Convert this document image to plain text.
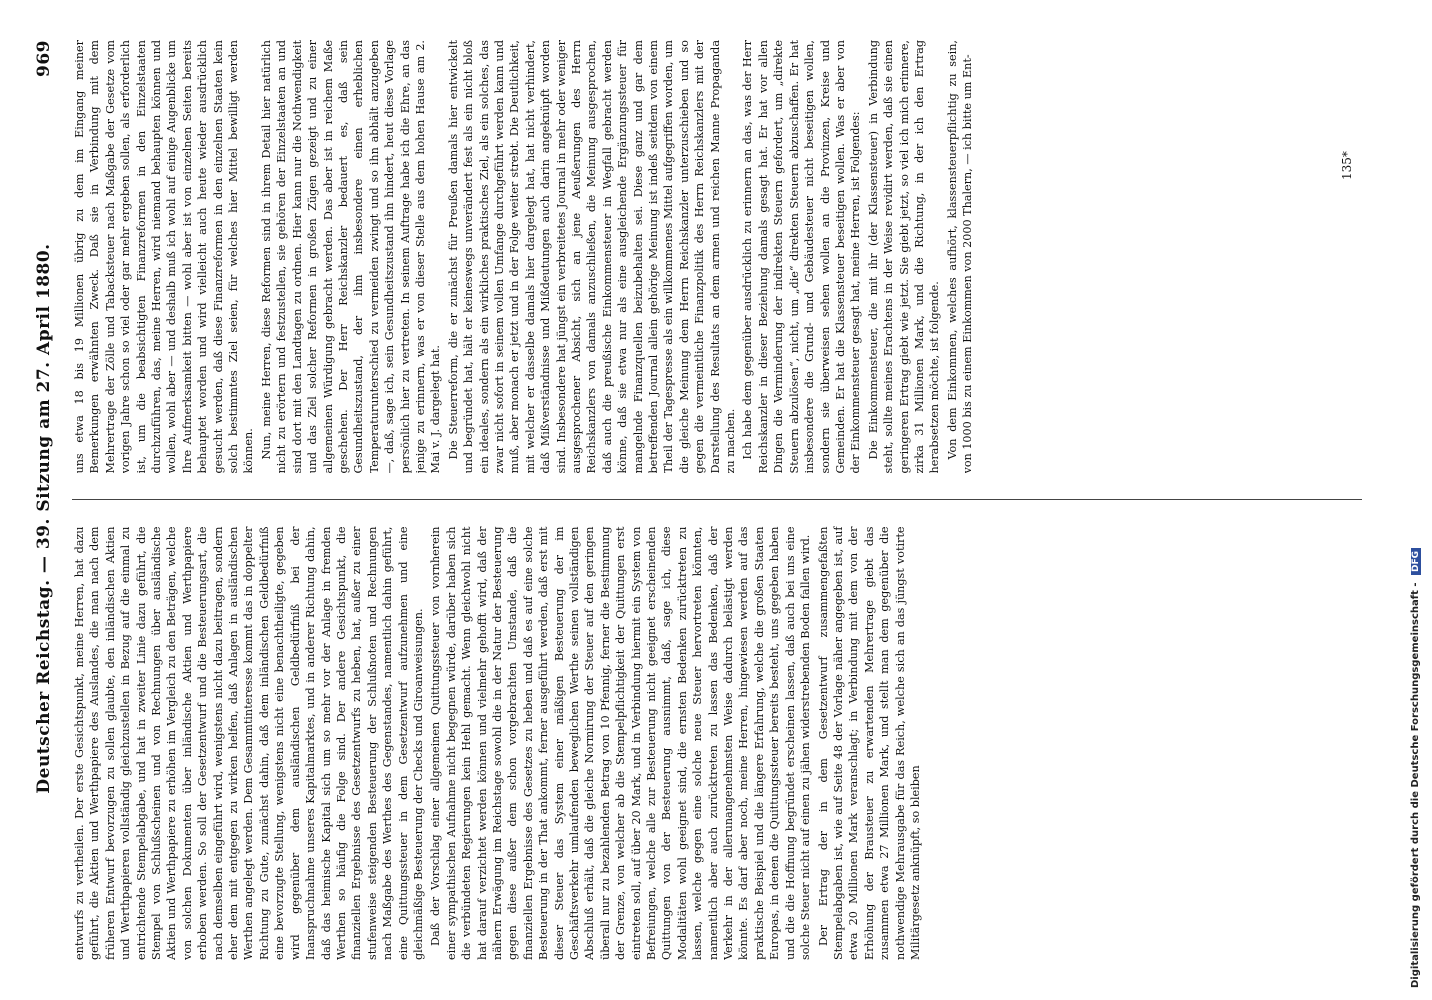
Deutscher Reichstag. — 39. Sitzung am 27. April 1880.
969

entwurfs zu vertheilen. Der erste Gesichtspunkt, meine Herren, hat dazu geführt, die Aktien und Werthpapiere des Auslandes, die man nach dem früheren Entwurf bevorzugen zu sollen glaubte, den inländischen Aktien und Werthpapieren vollständig gleichzustellen in Bezug auf die einmal zu entrichtende Stempelabgabe, und hat in zweiter Linie dazu geführt, die Stempel von Schlußscheinen und von Rechnungen über ausländische Aktien und Werthpapiere zu erhöhen im Vergleich zu den Beträgen, welche von solchen Dokumenten über inländische Aktien und Werthpapiere erhoben werden. So soll der Gesetzentwurf und die Besteuerungsart, die nach demselben eingeführt wird, wenigstens nicht dazu beitragen, sondern eher dem mit entgegen zu wirken helfen, daß Anlagen in ausländischen Werthen angelegt werden. Dem Gesammtinteresse kommt das in doppelter Richtung zu Gute, zunächst dahin, daß dem inländischen Geldbedürfniß eine bevorzugte Stellung, wenigstens nicht eine benachtheiligte, gegeben wird gegenüber dem ausländischen Geldbedürfniß bei der Inanspruchnahme unseres Kapitalmarktes, und in anderer Richtung dahin, daß das heimische Kapital sich um so mehr vor der Anlage in fremden Werthen so häufig die Folge sind. Der andere Gesichtspunkt, die finanziellen Ergebnisse des Gesetzentwurfs zu heben, hat, außer zu einer stufenweise steigenden Besteuerung der Schlußnoten und Rechnungen nach Maßgabe des Werthes des Gegenstandes, namentlich dahin geführt, eine Quittungssteuer in dem Gesetzentwurf aufzunehmen und eine gleichmäßige Besteuerung der Checks und Giroanweisungen. Daß der Vorschlag einer allgemeinen Quittungssteuer von vornherein einer sympathischen Aufnahme nicht begegnen würde, darüber haben sich die verbündeten Regierungen kein Hehl gemacht. Wenn gleichwohl nicht hat darauf verzichtet werden können und vielmehr gehofft wird, daß der nähern Erwägung im Reichstage sowohl die in der Natur der Besteuerung gegen diese außer dem schon vorgebrachten Umstande, daß die finanziellen Ergebnisse des Gesetzes zu heben und daß es auf eine solche Besteuerung in der That ankommt, ferner ausgeführt werden, daß erst mit dieser Steuer das System einer mäßigen Besteuerung der im Geschäftsverkehr umlaufenden beweglichen Werthe seinen vollständigen Abschluß erhält, daß die gleiche Normirung der Steuer auf den geringen überall nur zu bezahlenden Betrag von 10 Pfennig, ferner die Bestimmung der Grenze, von welcher ab die Stempelpflichtigkeit der Quittungen erst eintreten soll, auf über 20 Mark, und in Verbindung hiermit ein System von Befreiungen, welche alle zur Besteuerung nicht geeignet erscheinenden Quittungen von der Besteuerung ausnimmt, daß, sage ich, diese Modalitäten wohl geeignet sind, die ernsten Bedenken zurücktreten zu lassen, welche gegen eine solche neue Steuer hervortreten könnten, namentlich aber auch zurücktreten zu lassen das Bedenken, daß der Verkehr in der allerunangenehmsten Weise dadurch belästigt werden könnte. Es darf aber noch, meine Herren, hingewiesen werden auf das praktische Beispiel und die längere Erfahrung, welche die großen Staaten Europas, in denen die Quittungssteuer bereits besteht, uns gegeben haben und die die Hoffnung begründet erscheinen lassen, daß auch bei uns eine solche Steuer nicht auf einen zu jähen widerstrebenden Boden fallen wird. Der Ertrag der in dem Gesetzentwurf zusammengefaßten Stempelabgaben ist, wie auf Seite 48 der Vorlage näher angegeben ist, auf etwa 20 Millionen Mark veranschlagt; in Verbindung mit dem von der Erhöhung der Brausteuer zu erwartenden Mehrertrage giebt das zusammen etwa 27 Millionen Mark, und stellt man dem gegenüber die nothwendige Mehrausgabe für das Reich, welche sich an das jüngst votirte Militärgesetz anknüpft, so bleiben

uns etwa 18 bis 19 Millionen übrig zu dem im Eingang meiner Bemerkungen erwähnten Zweck. Daß sie in Verbindung mit dem Mehrertrage der Zölle und Tabacksteuer nach Maßgabe der Gesetze vom vorigen Jahre schon so viel oder gar mehr ergeben sollen, als erforderlich ist, um die beabsichtigten Finanzreformen in den Einzelstaaten durchzuführen, das, meine Herren, wird niemand behaupten können und wollen, wohl aber — und deshalb muß ich wohl auf einige Augenblicke um Ihre Aufmerksamkeit bitten — wohl aber ist von einzelnen Seiten bereits behauptet worden und wird vielleicht auch heute wieder ausdrücklich gesucht werden, daß diese Finanzreformen in den einzelnen Staaten kein solch bestimmtes Ziel seien, für welches hier Mittel bewilligt werden können. Nun, meine Herren, diese Reformen sind in ihrem Detail hier natürlich nicht zu erörtern und festzustellen, sie gehören der Einzelstaaten an und sind dort mit den Landtagen zu ordnen. Hier kann nur die Nothwendigkeit und das Ziel solcher Reformen in großen Zügen gezeigt und zu einer allgemeinen Würdigung gebracht werden. Das aber ist in reichem Maße geschehen. Der Herr Reichskanzler bedauert es, daß sein Gesundheitszustand, der ihm insbesondere einen erheblichen Temperaturunterschied zu vermeiden zwingt und so ihn abhält anzugeben —, daß, sage ich, sein Gesundheitszustand ihn hindert, heut diese Vorlage persönlich hier zu vertreten. In seinem Auftrage habe ich die Ehre, an das jenige zu erinnern, was er von dieser Stelle aus dem hohen Hause am 2. Mai v. J. dargelegt hat. Die Steuerreform, die er zunächst für Preußen damals hier entwickelt und begründet hat, hält er keineswegs unverändert fest als ein nicht bloß ein ideales, sondern als ein wirkliches praktisches Ziel, als ein solches, das zwar nicht sofort in seinem vollen Umfange durchgeführt werden kann und muß, aber monach er jetzt und in der Folge weiter strebt. Die Deutlichkeit, mit welcher er dasselbe damals hier dargelegt hat, hat nicht verhindert, daß Mißverständnisse und Mißdeutungen auch darin angeknüpft worden sind. Insbesondere hat jüngst ein verbreitetes Journal in mehr oder weniger ausgesprochener Absicht, sich an jene Aeußerungen des Herrn Reichskanzlers von damals anzuschließen, die Meinung ausgesprochen, daß auch die preußische Einkommensteuer in Wegfall gebracht werden könne, daß sie etwa nur als eine ausgleichende Ergänzungssteuer für mangelnde Finanzquellen beizubehalten sei. Diese ganz und gar dem betreffenden Journal allein gehörige Meinung ist indeß seitdem von einem Theil der Tagespresse als ein willkommenes Mittel aufgegriffen worden, um die gleiche Meinung dem Herrn Reichskanzler unterzuschieben und so gegen die vermeintliche Finanzpolitik des Herrn Reichskanzlers mit der Darstellung des Resultats an dem armen und reichen Manne Propaganda zu machen. Ich habe dem gegenüber ausdrücklich zu erinnern an das, was der Herr Reichskanzler in dieser Beziehung damals gesagt hat. Er hat vor allen Dingen die Verminderung der indirekten Steuern gefordert, um „direkte Steuern abzulösen“, nicht, um „die“ direkten Steuern abzuschaffen. Er hat insbesondere die Grund- und Gebäudesteuer nicht beseitigen wollen, sondern sie überweisen sehen wollen an die Provinzen, Kreise und Gemeinden. Er hat die Klassensteuer beseitigen wollen. Was er aber von der Einkommensteuer gesagt hat, meine Herren, ist Folgendes: Die Einkommensteuer, die mit ihr (der Klassensteuer) in Verbindung steht, sollte meines Erachtens in der Weise revidirt werden, daß sie einen geringeren Ertrag giebt wie jetzt. Sie giebt jetzt, so viel ich mich erinnere, zirka 31 Millionen Mark, und die Richtung, in der ich den Ertrag herabsetzen möchte, ist folgende. Von dem Einkommen, welches aufhört, klassensteuerpflichtig zu sein, von 1000 bis zu einem Einkommen von 2000 Thalern, — ich bitte um Ent-	135*
Digitalisierung gefördert durch die Deutsche Forschungsgemeinschaft - DFG
